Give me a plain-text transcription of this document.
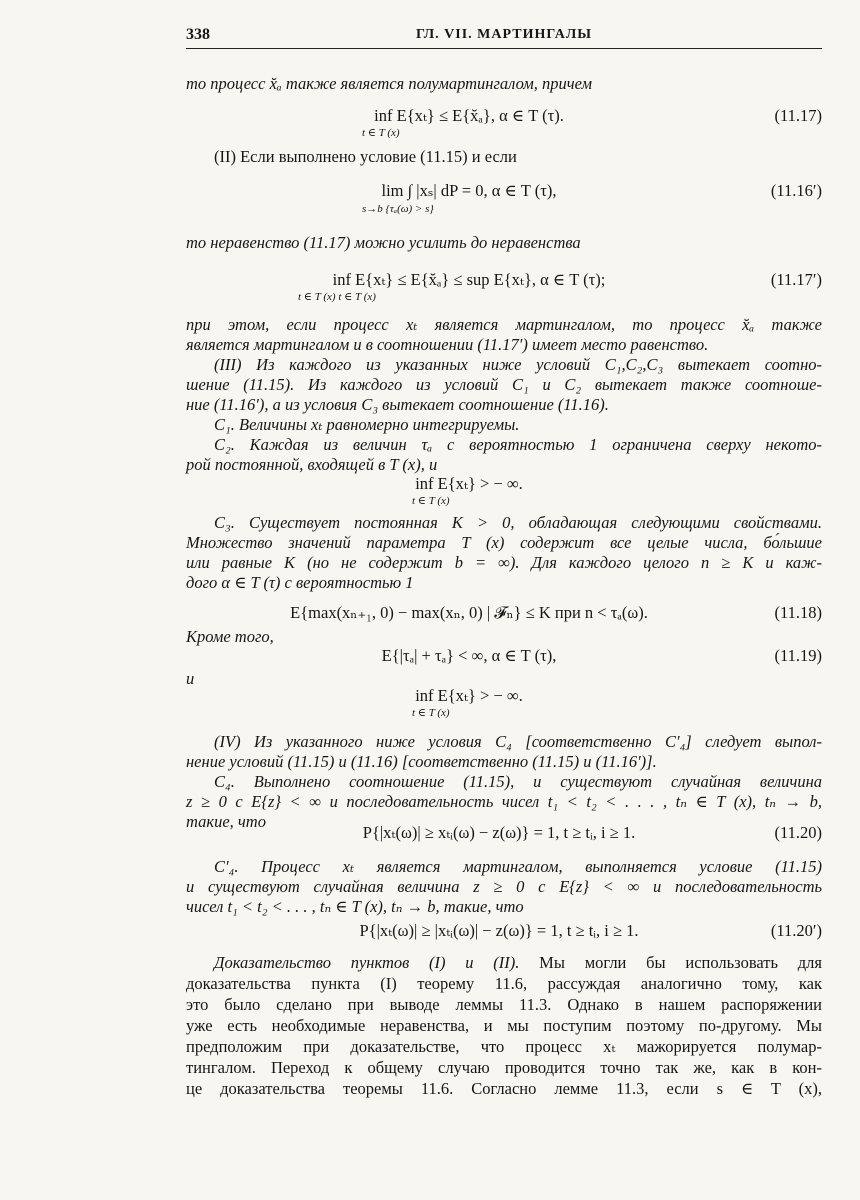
338	ГЛ. VII. МАРТИНГАЛЫ
то процесс x̆ₐ также является полумартингалом, причем
inf E{xₜ} ≤ E{x̆ₐ}, α ∈ T (τ).	(11.17)
t ∈ T (x)
(II) Если выполнено условие (11.15) и если
lim ∫ |xₛ| dP = 0, α ∈ T (τ),	(11.16′)
s→b {τₐ(ω) > s}
то неравенство (11.17) можно усилить до неравенства
inf E{xₜ} ≤ E{x̆ₐ} ≤ sup E{xₜ}, α ∈ T (τ);	(11.17′)
t ∈ T (x) t ∈ T (x)
при этом, если процесс xₜ является мартингалом, то процесс x̆ₐ также
является мартингалом и в соотношении (11.17′) имеет место равенство.
(III) Из каждого из указанных ниже условий C₁,C₂,C₃ вытекает соотно-
шение (11.15). Из каждого из условий C₁ и C₂ вытекает также соотноше-
ние (11.16′), а из условия C₃ вытекает соотношение (11.16).
C₁. Величины xₜ равномерно интегрируемы.
C₂. Каждая из величин τₐ с вероятностью 1 ограничена сверху некото-
рой постоянной, входящей в T (x), и
inf E{xₜ} > − ∞.
t ∈ T (x)
C₃. Существует постоянная K > 0, обладающая следующими свойствами.
Множество значений параметра T (x) содержит все целые числа, бо́льшие
или равные K (но не содержит b = ∞). Для каждого целого n ≥ K и каж-
дого α ∈ T (τ) с вероятностью 1
E{max(xₙ₊₁, 0) − max(xₙ, 0) | 𝓕ₙ} ≤ K при n < τₐ(ω).	(11.18)
Кроме того,
E{|τₐ| + τₐ} < ∞, α ∈ T (τ),	(11.19)
и
inf E{xₜ} > − ∞.
t ∈ T (x)
(IV) Из указанного ниже условия C₄ [соответственно C′₄] следует выпол-
нение условий (11.15) и (11.16) [соответственно (11.15) и (11.16′)].
C₄. Выполнено соотношение (11.15), и существуют случайная величина
z ≥ 0 с E{z} < ∞ и последовательность чисел t₁ < t₂ < . . . , tₙ ∈ T (x), tₙ → b,
такие, что
P{|xₜ(ω)| ≥ xₜᵢ(ω) − z(ω)} = 1, t ≥ tᵢ, i ≥ 1.	(11.20)
C′₄. Процесс xₜ является мартингалом, выполняется условие (11.15)
и существуют случайная величина z ≥ 0 с E{z} < ∞ и последовательность
чисел t₁ < t₂ < . . . , tₙ ∈ T (x), tₙ → b, такие, что
P{|xₜ(ω)| ≥ |xₜᵢ(ω)| − z(ω)} = 1, t ≥ tᵢ, i ≥ 1.	(11.20′)
Доказательство пунктов (I) и (II). Мы могли бы использовать для
доказательства пункта (I) теорему 11.6, рассуждая аналогично тому, как
это было сделано при выводе леммы 11.3. Однако в нашем распоряжении
уже есть необходимые неравенства, и мы поступим поэтому по-другому. Мы
предположим при доказательстве, что процесс xₜ мажорируется полумар-
тингалом. Переход к общему случаю проводится точно так же, как в кон-
це доказательства теоремы 11.6. Согласно лемме 11.3, если s ∈ T (x),
